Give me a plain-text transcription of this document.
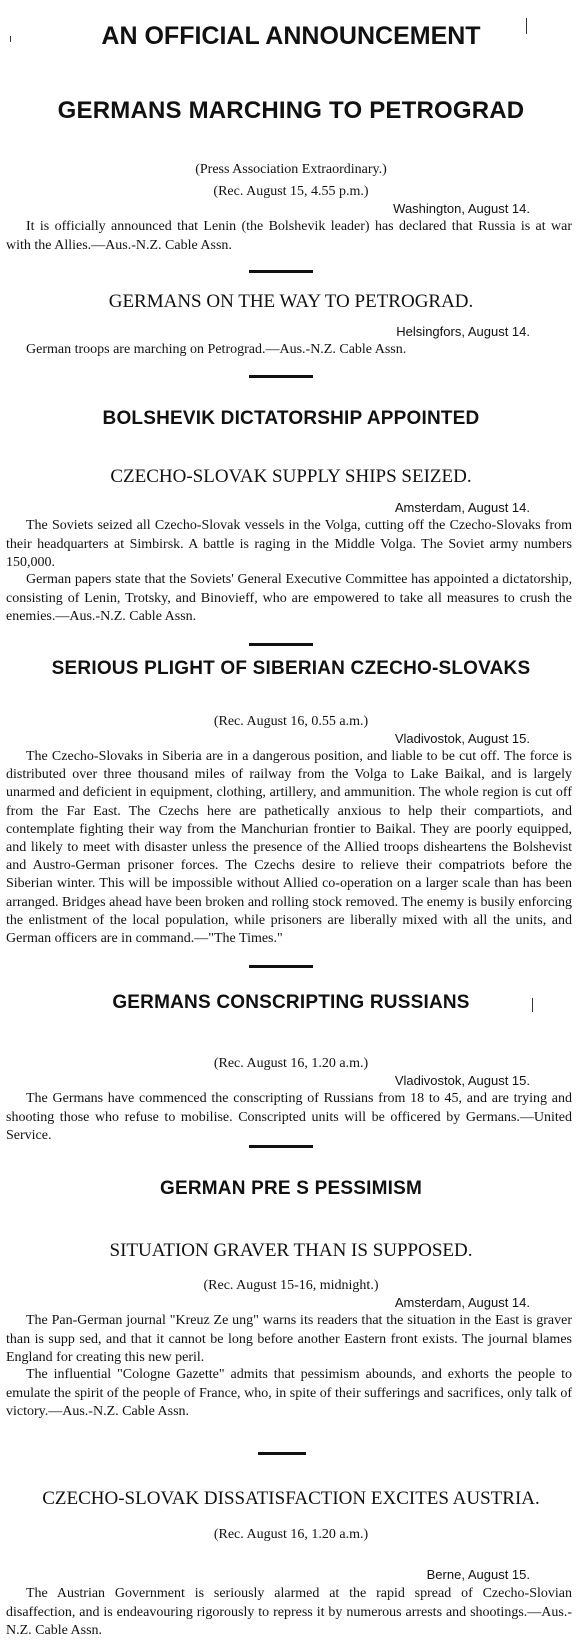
AN OFFICIAL ANNOUNCEMENT
GERMANS MARCHING TO PETROGRAD
(Press Association Extraordinary.)
(Rec. August 15, 4.55 p.m.)
Washington, August 14.
It is officially announced that Lenin (the Bolshevik leader) has declared that Russia is at war with the Allies.—Aus.-N.Z. Cable Assn.
GERMANS ON THE WAY TO PETROGRAD.
Helsingfors, August 14.
German troops are marching on Petrograd.—Aus.-N.Z. Cable Assn.
BOLSHEVIK DICTATORSHIP APPOINTED
CZECHO-SLOVAK SUPPLY SHIPS SEIZED.
Amsterdam, August 14.
The Soviets seized all Czecho-Slovak vessels in the Volga, cutting off the Czecho-Slovaks from their headquarters at Simbirsk. A battle is raging in the Middle Volga. The Soviet army numbers 150,000.
German papers state that the Soviets' General Executive Committee has appointed a dictatorship, consisting of Lenin, Trotsky, and Binovieff, who are empowered to take all measures to crush the enemies.—Aus.-N.Z. Cable Assn.
SERIOUS PLIGHT OF SIBERIAN CZECHO-SLOVAKS
(Rec. August 16, 0.55 a.m.)
Vladivostok, August 15.
The Czecho-Slovaks in Siberia are in a dangerous position, and liable to be cut off. The force is distributed over three thousand miles of railway from the Volga to Lake Baikal, and is largely unarmed and deficient in equipment, clothing, artillery, and ammunition. The whole region is cut off from the Far East. The Czechs here are pathetically anxious to help their compartiots, and contemplate fighting their way from the Manchurian frontier to Baikal. They are poorly equipped, and likely to meet with disaster unless the presence of the Allied troops disheartens the Bolshevist and Austro-German prisoner forces. The Czechs desire to relieve their compatriots before the Siberian winter. This will be impossible without Allied co-operation on a larger scale than has been arranged. Bridges ahead have been broken and rolling stock removed. The enemy is busily enforcing the enlistment of the local population, while prisoners are liberally mixed with all the units, and German officers are in command.—"The Times."
GERMANS CONSCRIPTING RUSSIANS
(Rec. August 16, 1.20 a.m.)
Vladivostok, August 15.
The Germans have commenced the conscripting of Russians from 18 to 45, and are trying and shooting those who refuse to mobilise. Conscripted units will be officered by Germans.—United Service.
GERMAN PRE S PESSIMISM
SITUATION GRAVER THAN IS SUPPOSED.
(Rec. August 15-16, midnight.)
Amsterdam, August 14.
The Pan-German journal "Kreuz Ze ung" warns its readers that the situation in the East is graver than is supp sed, and that it cannot be long before another Eastern front exists. The journal blames England for creating this new peril.
The influential "Cologne Gazette" admits that pessimism abounds, and exhorts the people to emulate the spirit of the people of France, who, in spite of their sufferings and sacrifices, only talk of victory.—Aus.-N.Z. Cable Assn.
CZECHO-SLOVAK DISSATISFACTION EXCITES AUSTRIA.
(Rec. August 16, 1.20 a.m.)
Berne, August 15.
The Austrian Government is seriously alarmed at the rapid spread of Czecho-Slovian disaffection, and is endeavouring rigorously to repress it by numerous arrests and shootings.—Aus.-N.Z. Cable Assn.
